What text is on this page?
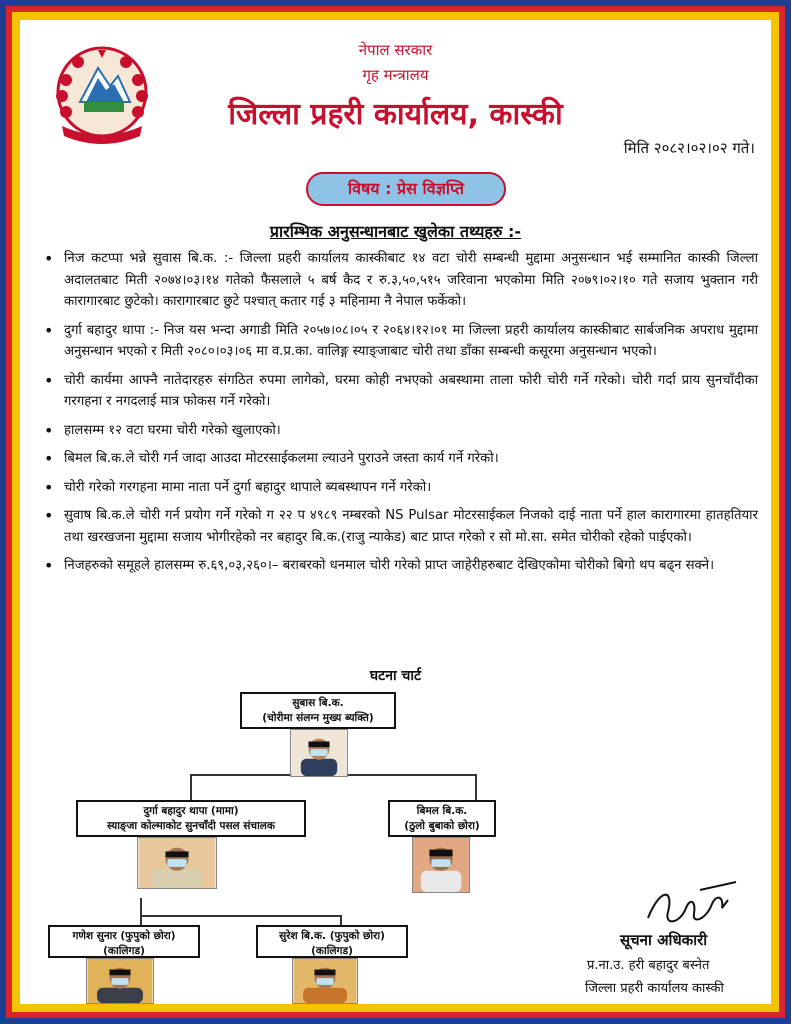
नेपाल सरकार
गृह मन्त्रालय
जिल्ला प्रहरी कार्यालय, कास्की
मिति २०८२।०२।०२ गते।
विषय : प्रेस विज्ञप्ति
प्रारम्भिक अनुसन्धानबाट खुलेका तथ्यहरु :-
• निज कटप्पा भन्ने सुवास बि.क. :- जिल्ला प्रहरी कार्यालय कास्कीबाट १४ वटा चोरी सम्बन्धी मुद्दामा अनुसन्धान भई सम्मानित कास्की जिल्ला अदालतबाट मिती २०७४।०३।१४ गतेको फैसलाले ५ बर्ष कैद र रु.३,५०,५१५ जरिवाना भएकोमा मिति २०७९।०२।१० गते सजाय भुक्तान गरी कारागारबाट छुटेको। कारागारबाट छुटे पश्चात् कतार गई ३ महिनामा नै नेपाल फर्केको।
• दुर्गा बहादुर थापा :- निज यस भन्दा अगाडी मिति २०५७।०८।०५ र २०६४।१२।०१ मा जिल्ला प्रहरी कार्यालय कास्कीबाट सार्बजनिक अपराध मुद्दामा अनुसन्धान भएको र मिती २०८०।०३।०६ मा व.प्र.का. वालिङ्ग स्याङ्जाबाट चोरी तथा डाँका सम्बन्धी कसूरमा अनुसन्धान भएको।
• चोरी कार्यमा आफ्नै नातेदारहरु संगठित रुपमा लागेको, घरमा कोही नभएको अबस्थामा ताला फोरी चोरी गर्ने गरेको। चोरी गर्दा प्राय सुनचाँदीका गरगहना र नगदलाई मात्र फोकस गर्ने गरेको।
• हालसम्म १२ वटा घरमा चोरी गरेको खुलाएको।
• बिमल बि.क.ले चोरी गर्न जादा आउदा मोटरसाईकलमा ल्याउने पुराउने जस्ता कार्य गर्ने गरेको।
• चोरी गरेको गरगहना मामा नाता पर्ने दुर्गा बहादुर थापाले ब्यबस्थापन गर्ने गरेको।
• सुवाष बि.क.ले चोरी गर्न प्रयोग गर्ने गरेको ग २२ प ४९८९ नम्बरको NS Pulsar मोटरसाईकल निजको दाई नाता पर्ने हाल कारागारमा हातहतियार तथा खरखजना मुद्दामा सजाय भोगीरहेको नर बहादुर बि.क.(राजु न्याकेड) बाट प्राप्त गरेको र सो मो.सा. समेत चोरीको रहेको पाईएको।
• निजहरुको समूहले हालसम्म रु.६९,०३,२६०।– बराबरको धनमाल चोरी गरेको प्राप्त जाहेरीहरुबाट देखिएकोमा चोरीको बिगो थप बढ्न सक्ने।
घटना चार्ट
सुबास बि.क.
(चोरीमा संलग्न मुख्य ब्यक्ति)
दुर्गा बहादुर थापा (मामा)
स्याङ्जा कोल्मा‌‌कोट सुनचाँदी पसल संचालक
बिमल बि.क.
(ठुलो बुबाको छोरा)
गणेश सुनार (फुपुको छोरा)
(कालिगड)
सुरेश बि.क. (फुपुको छोरा)
(कालिगड)
सूचना अधिकारी
प्र.ना.उ. हरी बहादुर बस्नेत
जिल्ला प्रहरी कार्यालय कास्की
